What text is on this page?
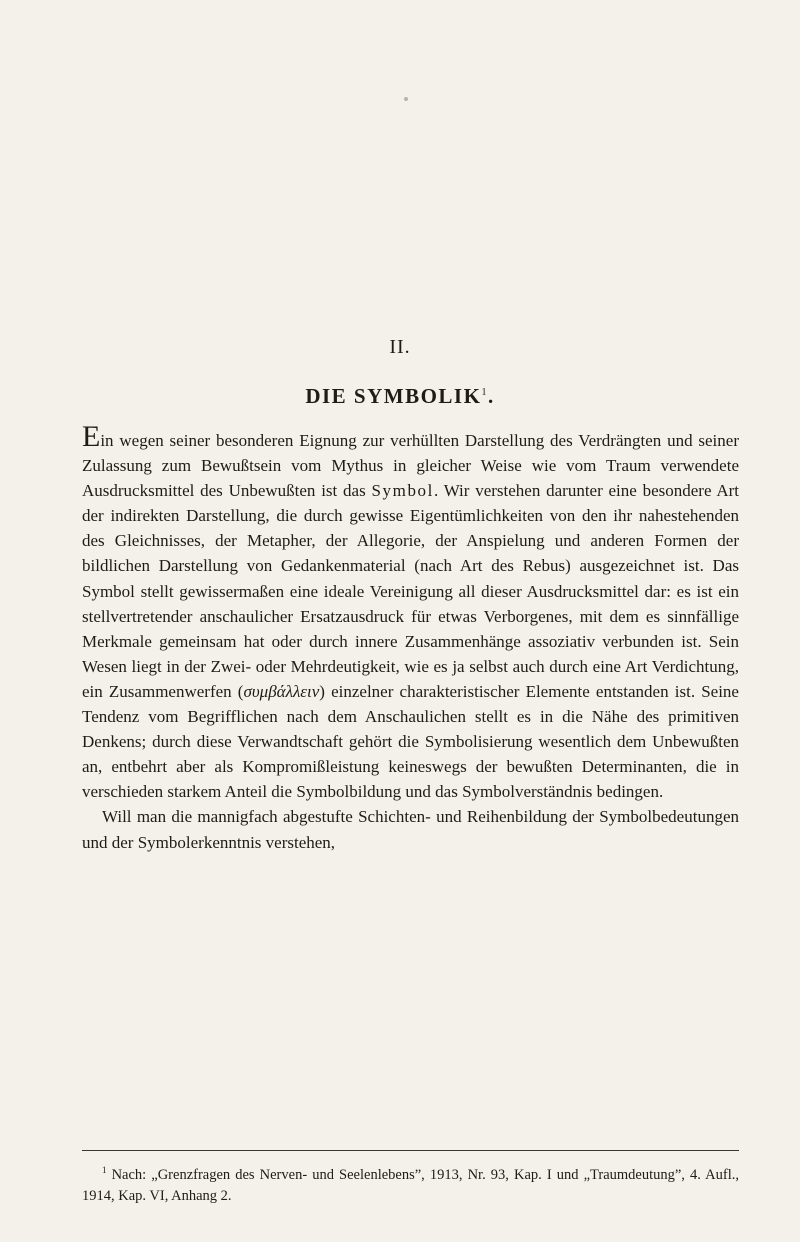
II.
DIE SYMBOLIK$^1$.

Ein wegen seiner besonderen Eignung zur verhüllten Darstellung des Verdrängten und seiner Zulassung zum Bewußtsein vom Mythus in gleicher Weise wie vom Traum verwendete Ausdrucksmittel des Unbewußten ist das Symbol. Wir verstehen darunter eine besondere Art der indirekten Darstellung, die durch gewisse Eigentümlichkeiten von den ihr nahestehenden des Gleichnisses, der Metapher, der Allegorie, der Anspielung und anderen Formen der bildlichen Darstellung von Gedankenmaterial (nach Art des Rebus) ausgezeichnet ist. Das Symbol stellt gewissermaßen eine ideale Vereinigung all dieser Ausdrucksmittel dar: es ist ein stellvertretender anschaulicher Ersatzausdruck für etwas Verborgenes, mit dem es sinnfällige Merkmale gemeinsam hat oder durch innere Zusammenhänge assoziativ verbunden ist. Sein Wesen liegt in der Zwei- oder Mehrdeutigkeit, wie es ja selbst auch durch eine Art Verdichtung, ein Zusammenwerfen (συμβάλλειν) einzelner charakteristischer Elemente entstanden ist. Seine Tendenz vom Begrifflichen nach dem Anschaulichen stellt es in die Nähe des primitiven Denkens; durch diese Verwandtschaft gehört die Symbolisierung wesentlich dem Unbewußten an, entbehrt aber als Kompromißleistung keineswegs der bewußten Determinanten, die in verschieden starkem Anteil die Symbolbildung und das Symbolverständnis bedingen.

Will man die mannigfach abgestufte Schichten- und Reihenbildung der Symbolbedeutungen und der Symbolerkenntnis verstehen,

$^1$ Nach: „Grenzfragen des Nerven- und Seelenlebens”, 1913, Nr. 93, Kap. I und „Traumdeutung”, 4. Aufl., 1914, Kap. VI, Anhang 2.
